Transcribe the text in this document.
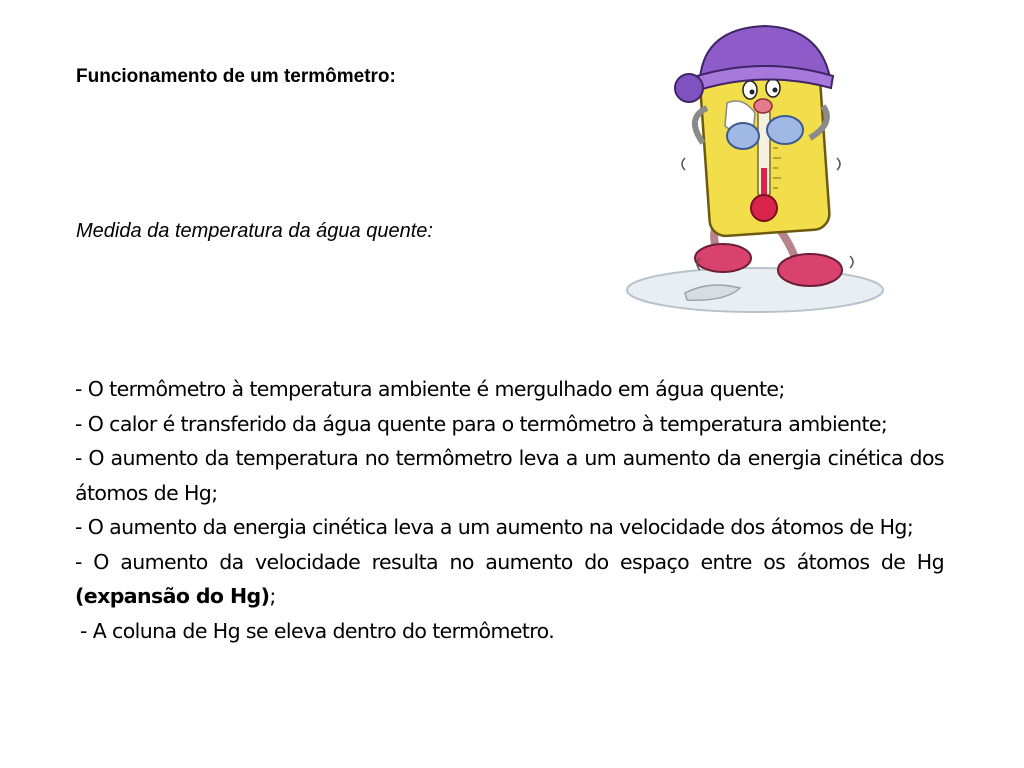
Funcionamento de um termômetro:

Medida da temperatura da água quente:

- O termômetro à temperatura ambiente é mergulhado em água quente;

- O calor é transferido da água quente para o termômetro à temperatura ambiente;

- O aumento da temperatura no termômetro leva a um aumento da energia cinética dos átomos de Hg;

- O aumento da energia cinética leva a um aumento na velocidade dos átomos de Hg;

- O aumento da velocidade resulta no aumento do espaço entre os átomos de Hg (expansão do Hg);

- A coluna de Hg se eleva dentro do termômetro.
